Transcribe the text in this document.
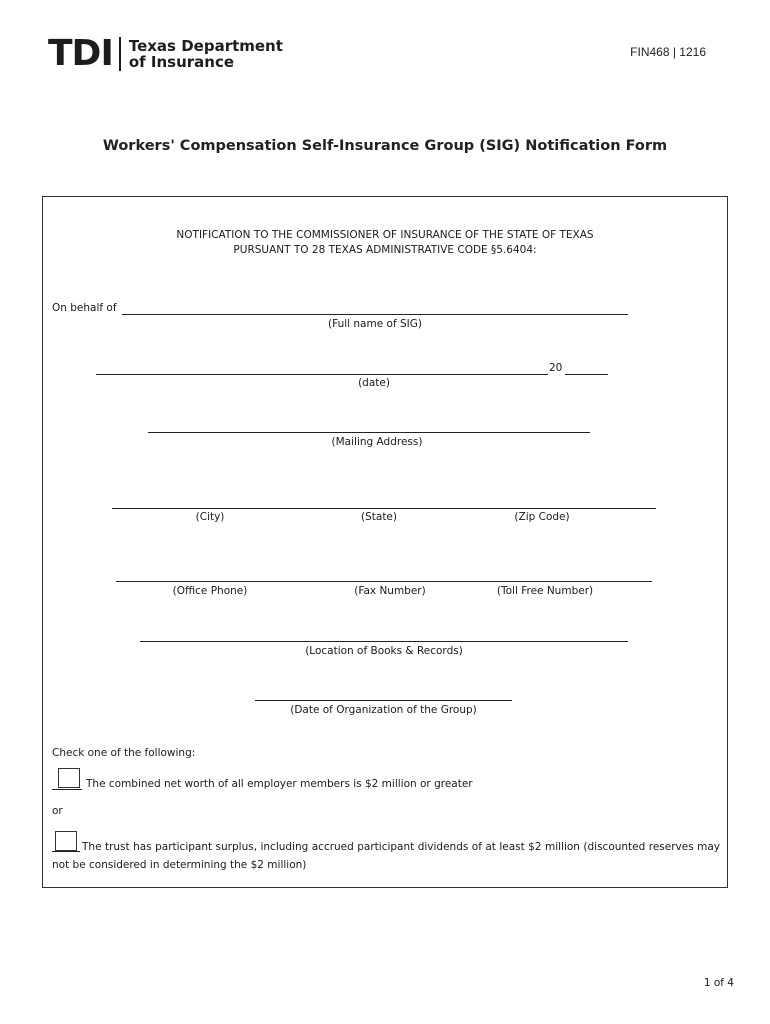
TDI Texas Department
of Insurance
FIN468 | 1216
Workers' Compensation Self-Insurance Group (SIG) Notification Form
NOTIFICATION TO THE COMMISSIONER OF INSURANCE OF THE STATE OF TEXAS
PURSUANT TO 28 TEXAS ADMINISTRATIVE CODE §5.6404:
On behalf of
(Full name of SIG)
20
(date)
(Mailing Address)
(City)	(State)	(Zip Code)
(Office Phone)	(Fax Number)	(Toll Free Number)
(Location of Books & Records)
(Date of Organization of the Group)
Check one of the following:
The combined net worth of all employer members is $2 million or greater
or
The trust has participant surplus, including accrued participant dividends of at least $2 million (discounted reserves may not be considered in determining the $2 million)
1 of 4
